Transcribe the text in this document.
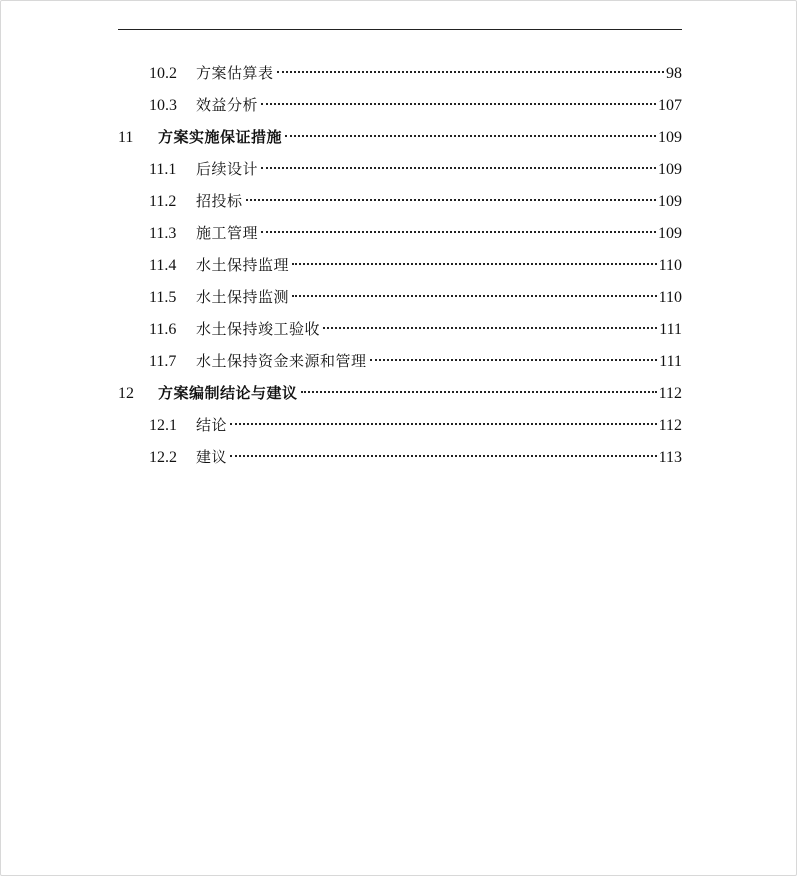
10.2	方案估算表	98
10.3	效益分析	107
11	方案实施保证措施	109
11.1	后续设计	109
11.2	招投标	109
11.3	施工管理	109
11.4	水土保持监理	110
11.5	水土保持监测	110
11.6	水土保持竣工验收	111
11.7	水土保持资金来源和管理	111
12	方案编制结论与建议	112
12.1	结论	112
12.2	建议	113
